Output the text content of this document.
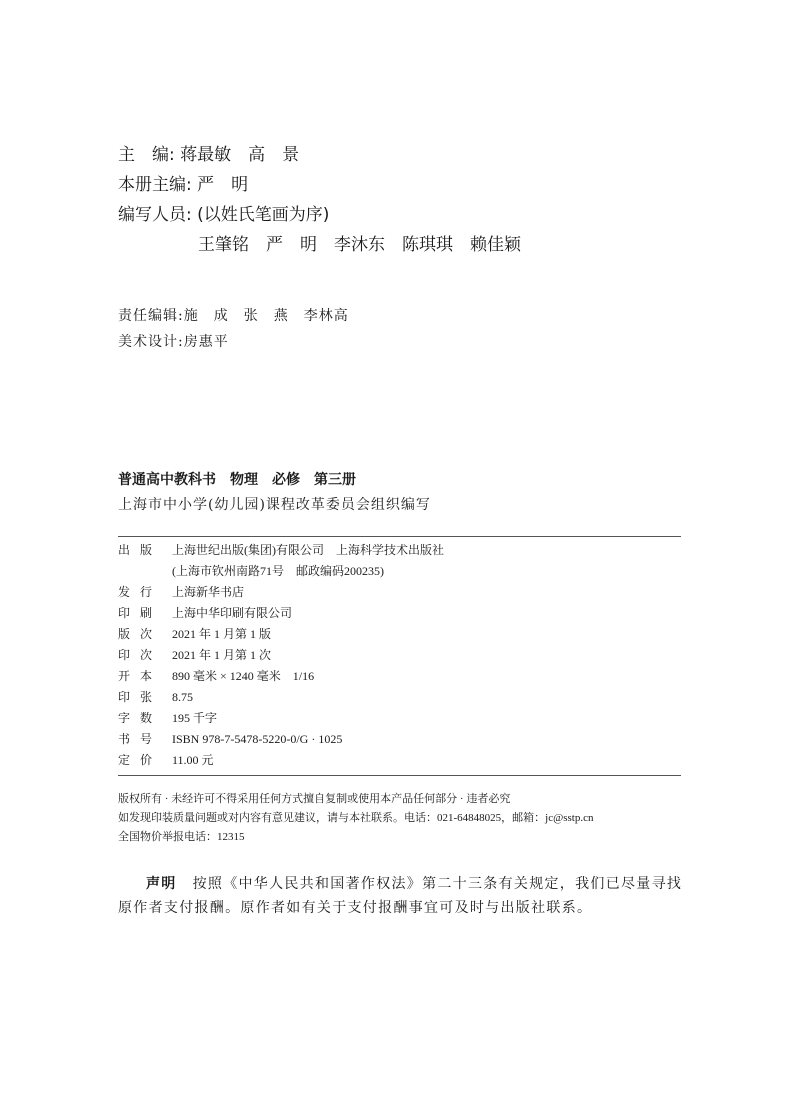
主　编: 蒋最敏　高　景
本册主编: 严　明
编写人员: (以姓氏笔画为序)
王肇铭　严　明　李沐东　陈琪琪　赖佳颖
责任编辑:施　成　张　燕　李林高
美术设计:房惠平
普通高中教科书　物理　必修　第三册
上海市中小学(幼儿园)课程改革委员会组织编写
出版 上海世纪出版(集团)有限公司　上海科学技术出版社
(上海市钦州南路71号　邮政编码200235)
发行 上海新华书店
印刷 上海中华印刷有限公司
版次 2021 年 1 月第 1 版
印次 2021 年 1 月第 1 次
开本 890 毫米 × 1240 毫米　1/16
印张 8.75
字数 195 千字
书号 ISBN 978-7-5478-5220-0/G · 1025
定价 11.00 元
版权所有 · 未经许可不得采用任何方式擅自复制或使用本产品任何部分 · 违者必究
如发现印装质量问题或对内容有意见建议，请与本社联系。电话：021-64848025，邮箱：jc@sstp.cn
全国物价举报电话：12315
声明 按照《中华人民共和国著作权法》第二十三条有关规定，我们已尽量寻找原作者支付报酬。原作者如有关于支付报酬事宜可及时与出版社联系。
